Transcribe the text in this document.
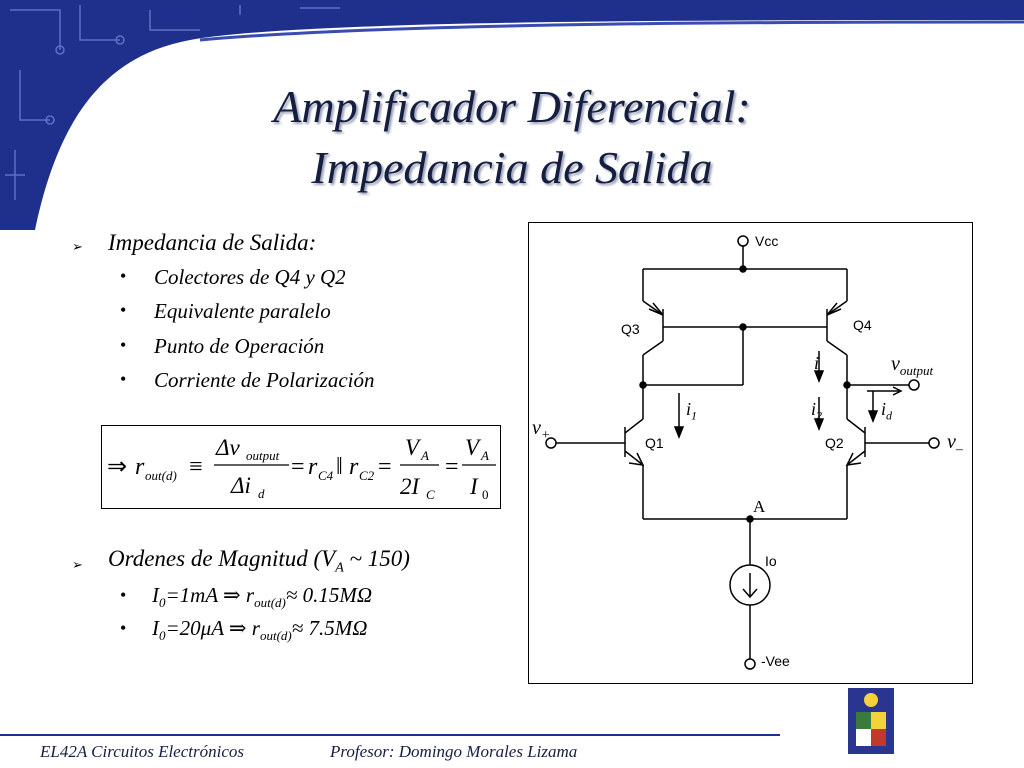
Amplificador Diferencial:
Impedancia de Salida
➢ Impedancia de Salida:
• Colectores de Q4 y Q2
• Equivalente paralelo
• Punto de Operación
• Corriente de Polarización
⇒ r out(d) ≡
Δv output
Δi d
= r C4 ‖ r C2 =
V A
2I C
=
V A
I 0
➢ Ordenes de Magnitud ($V_A$ ~ 150)
• $I_0=1mA$ ⇒ $r_{out(d)}\approx 0.15M\Omega$
• $I_0=20\mu A$ ⇒ $r_{out(d)}\approx 7.5M\Omega$
Vcc
Q3	Q4
Q1	Q2
Io
-Vee
A
i
$i_1$	$i_2$	$i_d$
$v_{output}$
$v_+$	$v_-$
EL42A Circuitos Electrónicos	Profesor: Domingo Morales Lizama
